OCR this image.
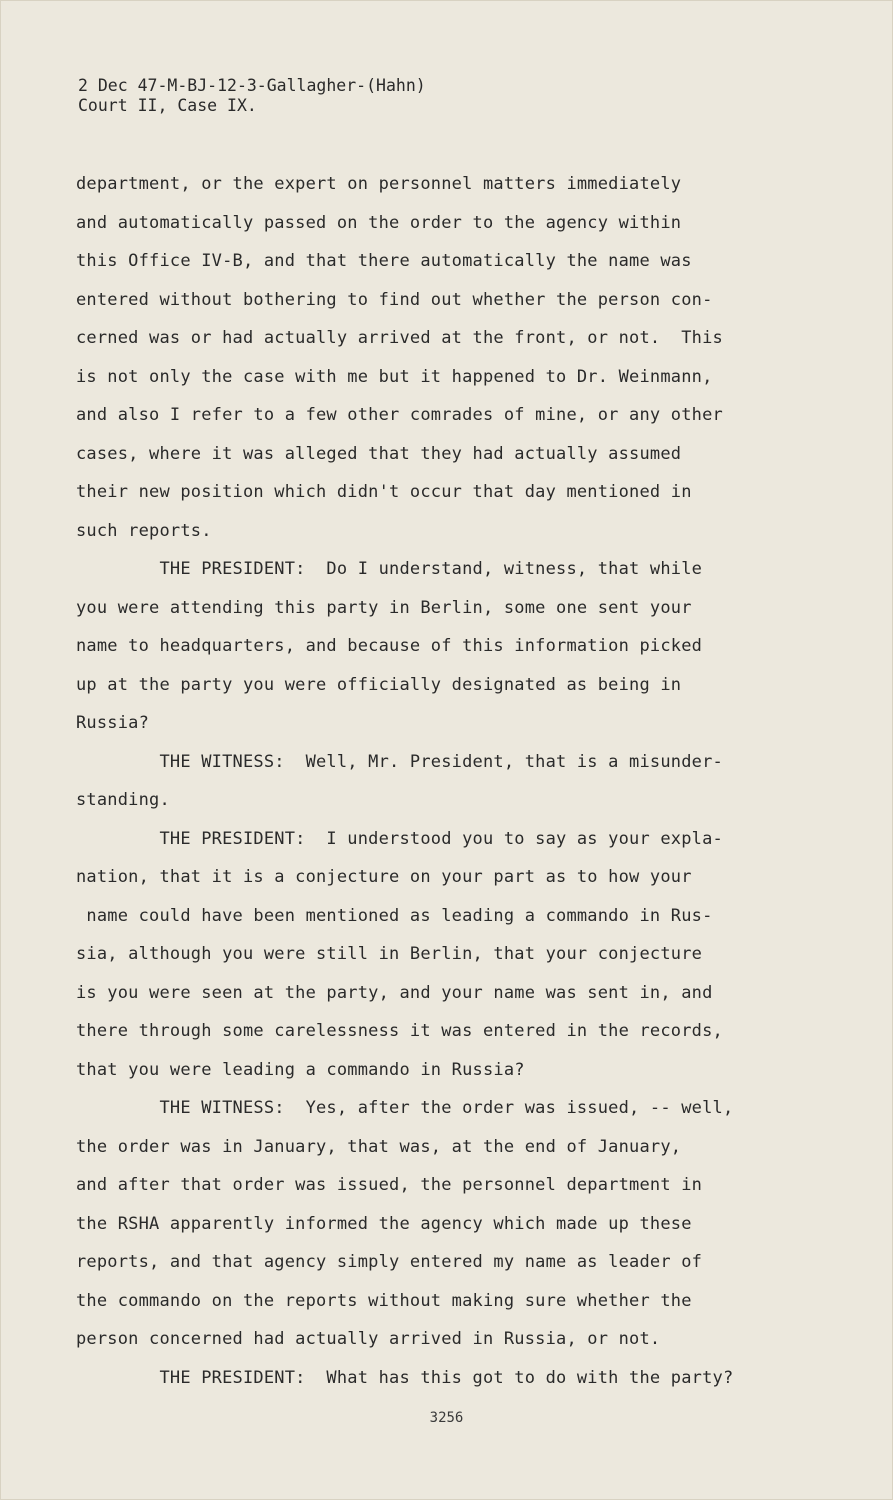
2 Dec 47-M-BJ-12-3-Gallagher-(Hahn)
Court II, Case IX.
department, or the expert on personnel matters immediately
and automatically passed on the order to the agency within
this Office IV-B, and that there automatically the name was
entered without bothering to find out whether the person con-
cerned was or had actually arrived at the front, or not.  This
is not only the case with me but it happened to Dr. Weinmann,
and also I refer to a few other comrades of mine, or any other
cases, where it was alleged that they had actually assumed
their new position which didn't occur that day mentioned in
such reports.
THE PRESIDENT:  Do I understand, witness, that while
you were attending this party in Berlin, some one sent your
name to headquarters, and because of this information picked
up at the party you were officially designated as being in
Russia?
THE WITNESS:  Well, Mr. President, that is a misunder-
standing.
THE PRESIDENT:  I understood you to say as your expla-
nation, that it is a conjecture on your part as to how your
name could have been mentioned as leading a commando in Rus-
sia, although you were still in Berlin, that your conjecture
is you were seen at the party, and your name was sent in, and
there through some carelessness it was entered in the records,
that you were leading a commando in Russia?
THE WITNESS:  Yes, after the order was issued, -- well,
the order was in January, that was, at the end of January,
and after that order was issued, the personnel department in
the RSHA apparently informed the agency which made up these
reports, and that agency simply entered my name as leader of
the commando on the reports without making sure whether the
person concerned had actually arrived in Russia, or not.
THE PRESIDENT:  What has this got to do with the party?
3256
